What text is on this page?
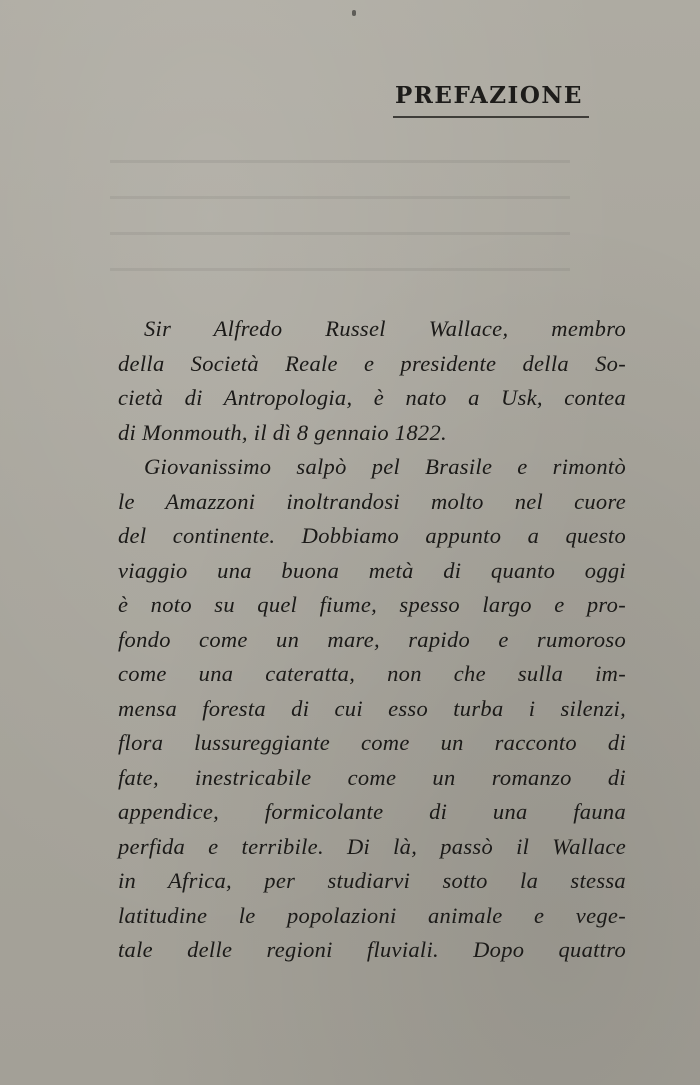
PREFAZIONE
Sir Alfredo Russel Wallace, membro
della Società Reale e presidente della So-
cietà di Antropologia, è nato a Usk, contea
di Monmouth, il dì 8 gennaio 1822.
Giovanissimo salpò pel Brasile e rimontò
le Amazzoni inoltrandosi molto nel cuore
del continente. Dobbiamo appunto a questo
viaggio una buona metà di quanto oggi
è noto su quel fiume, spesso largo e pro-
fondo come un mare, rapido e rumoroso
come una cateratta, non che sulla im-
mensa foresta di cui esso turba i silenzi,
flora lussureggiante come un racconto di
fate, inestricabile come un romanzo di
appendice, formicolante di una fauna
perfida e terribile. Di là, passò il Wallace
in Africa, per studiarvi sotto la stessa
latitudine le popolazioni animale e vege-
tale delle regioni fluviali. Dopo quattro
